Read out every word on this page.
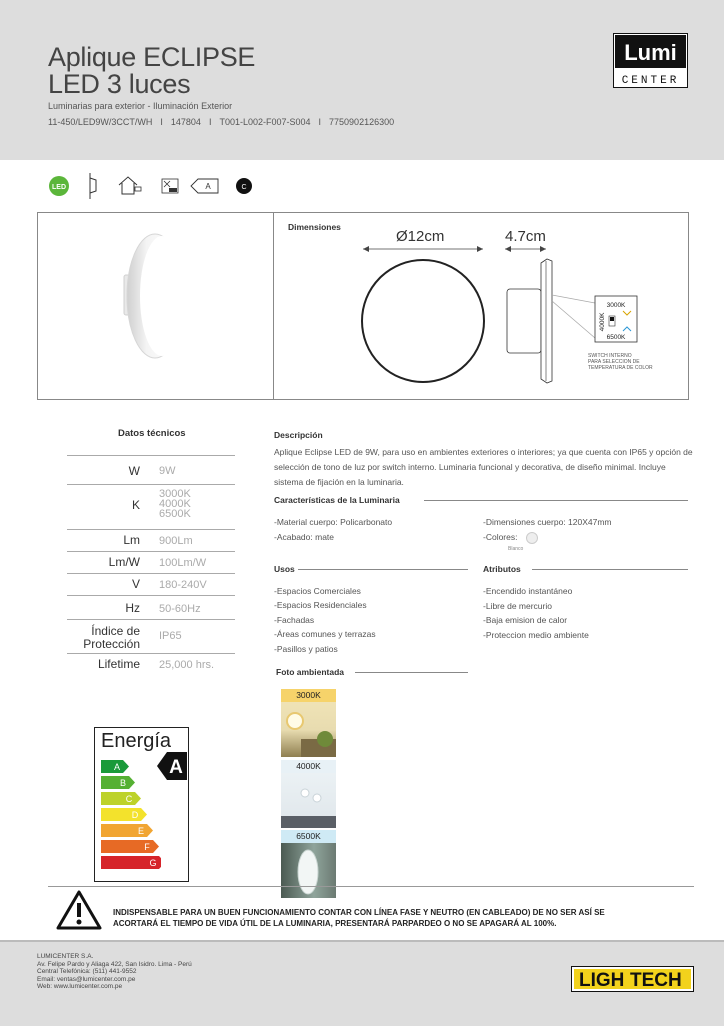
Aplique ECLIPSE
LED 3 luces
Luminarias para exterior - Iluminación Exterior
11-450/LED9W/3CCT/WH I 147804 I T001-L002-F007-S004 I 7750902126300
Lumi
CENTER
LED	A	C
Dimensiones
Ø12cm	4.7cm
3000K
6500K
4000K
SWITCH INTERNO
PARA SELECCION DE
TEMPERATURA DE COLOR
Datos técnicos
W 9W
K
3000K
4000K
6500K
Lm 900Lm
Lm/W 100Lm/W
V 180-240V
Hz 50-60Hz
Índice de
Protección
IP65
Lifetime 25,000 hrs.
Energía
A
A
B
C
D
E
F
G
Descripción
Aplique Eclipse LED de 9W, para uso en ambientes exteriores o interiores; ya que cuenta con IP65 y opción de selección de tono de luz por switch interno. Luminaria funcional y decorativa, de diseño minimal. Incluye sistema de fijación en la luminaria.
Características de la Luminaria
-Material cuerpo: Policarbonato
-Acabado: mate
-Dimensiones cuerpo: 120X47mm
-Colores:
Blanco
Usos
-Espacios Comerciales
-Espacios Residenciales
-Fachadas
-Áreas comunes y terrazas
-Pasillos y patios
Atributos
-Encendido instantáneo
-Libre de mercurio
-Baja emision de calor
-Proteccion medio ambiente
Foto ambientada
3000K
4000K
6500K
INDISPENSABLE PARA UN BUEN FUNCIONAMIENTO CONTAR CON LÍNEA FASE Y NEUTRO (EN CABLEADO) DE NO SER ASÍ SE
ACORTARÁ EL TIEMPO DE VIDA ÚTIL DE LA LUMINARIA, PRESENTARÁ PARPARDEO O NO SE APAGARÁ AL 100%.
LUMICENTER S.A.
Av. Felipe Pardo y Aliaga 422, San Isidro. Lima - Perú
Central Telefónica: (511) 441-9552
Email: ventas@lumicenter.com.pe
Web: www.lumicenter.com.pe	LIGH TECH
